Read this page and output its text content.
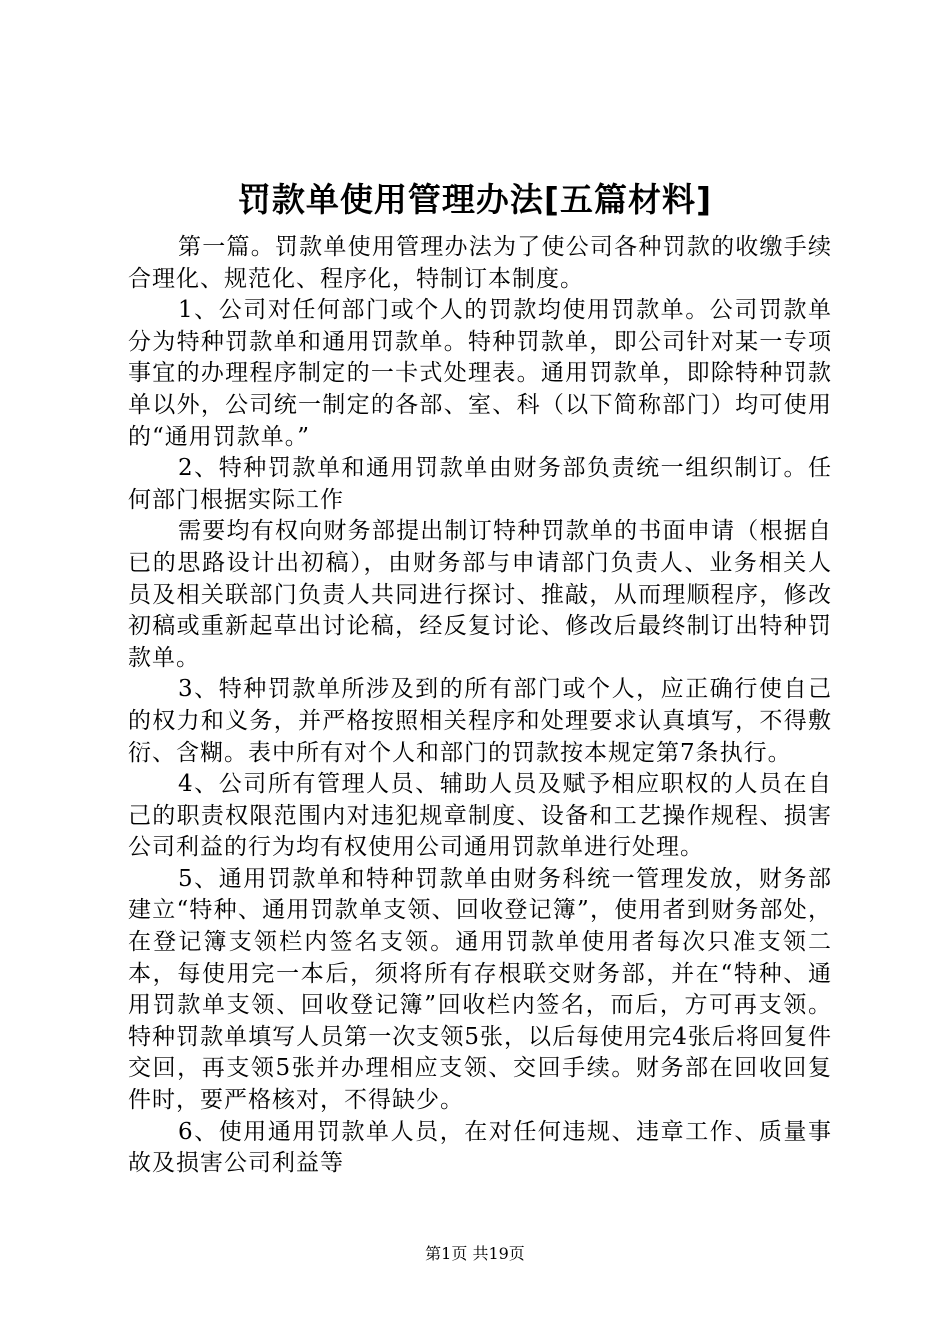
罚款单使用管理办法[五篇材料]

第一篇。罚款单使用管理办法为了使公司各种罚款的收缴手续合理化、规范化、程序化，特制订本制度。

1、公司对任何部门或个人的罚款均使用罚款单。公司罚款单分为特种罚款单和通用罚款单。特种罚款单，即公司针对某一专项事宜的办理程序制定的一卡式处理表。通用罚款单，即除特种罚款单以外，公司统一制定的各部、室、科（以下简称部门）均可使用的“通用罚款单。”

2、特种罚款单和通用罚款单由财务部负责统一组织制订。任何部门根据实际工作

需要均有权向财务部提出制订特种罚款单的书面申请（根据自已的思路设计出初稿），由财务部与申请部门负责人、业务相关人员及相关联部门负责人共同进行探讨、推敲，从而理顺程序，修改初稿或重新起草出讨论稿，经反复讨论、修改后最终制订出特种罚款单。

3、特种罚款单所涉及到的所有部门或个人，应正确行使自己的权力和义务，并严格按照相关程序和处理要求认真填写，不得敷衍、含糊。表中所有对个人和部门的罚款按本规定第7条执行。

4、公司所有管理人员、辅助人员及赋予相应职权的人员在自己的职责权限范围内对违犯规章制度、设备和工艺操作规程、损害公司利益的行为均有权使用公司通用罚款单进行处理。

5、通用罚款单和特种罚款单由财务科统一管理发放，财务部建立“特种、通用罚款单支领、回收登记簿”，使用者到财务部处，在登记簿支领栏内签名支领。通用罚款单使用者每次只准支领二本，每使用完一本后，须将所有存根联交财务部，并在“特种、通用罚款单支领、回收登记簿”回收栏内签名，而后，方可再支领。特种罚款单填写人员第一次支领5张，以后每使用完4张后将回复件交回，再支领5张并办理相应支领、交回手续。财务部在回收回复件时，要严格核对，不得缺少。

6、使用通用罚款单人员，在对任何违规、违章工作、质量事故及损害公司利益等

第1页 共19页
